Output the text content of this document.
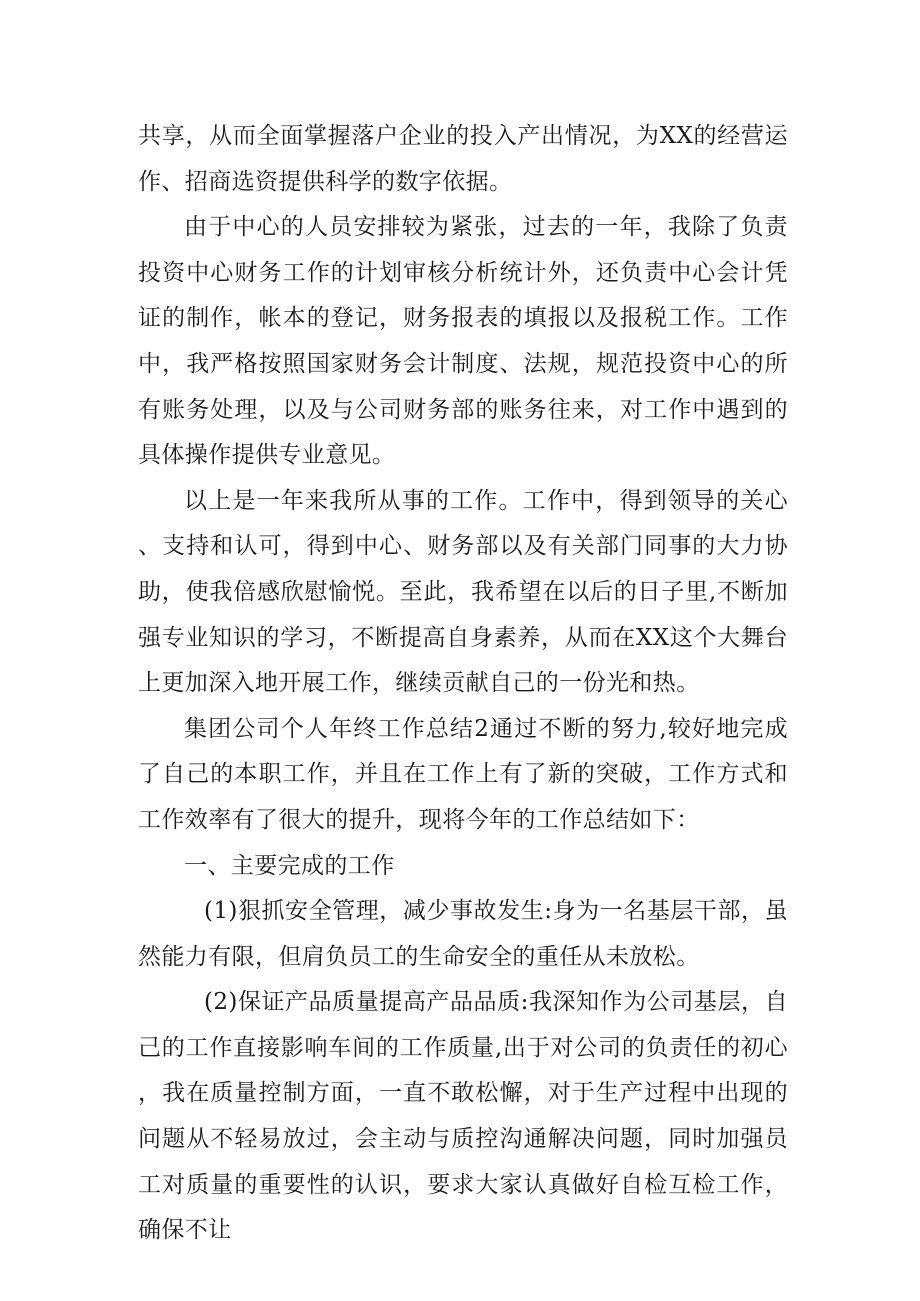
共享，从而全面掌握落户企业的投入产出情况，为XX的经营运作、招商选资提供科学的数字依据。

由于中心的人员安排较为紧张，过去的一年，我除了负责投资中心财务工作的计划审核分析统计外，还负责中心会计凭证的制作，帐本的登记，财务报表的填报以及报税工作。工作中，我严格按照国家财务会计制度、法规，规范投资中心的所有账务处理，以及与公司财务部的账务往来，对工作中遇到的具体操作提供专业意见。

以上是一年来我所从事的工作。工作中，得到领导的关心、支持和认可，得到中心、财务部以及有关部门同事的大力协助，使我倍感欣慰愉悦。至此，我希望在以后的日子里,不断加强专业知识的学习，不断提高自身素养，从而在XX这个大舞台上更加深入地开展工作，继续贡献自己的一份光和热。

集团公司个人年终工作总结2通过不断的努力,较好地完成了自己的本职工作，并且在工作上有了新的突破，工作方式和工作效率有了很大的提升，现将今年的工作总结如下：

一、主要完成的工作

(1)狠抓安全管理，减少事故发生:身为一名基层干部，虽然能力有限，但肩负员工的生命安全的重任从未放松。

(2)保证产品质量提高产品品质:我深知作为公司基层，自己的工作直接影响车间的工作质量,出于对公司的负责任的初心，我在质量控制方面，一直不敢松懈，对于生产过程中出现的问题从不轻易放过，会主动与质控沟通解决问题，同时加强员工对质量的重要性的认识，要求大家认真做好自检互检工作，确保不让
